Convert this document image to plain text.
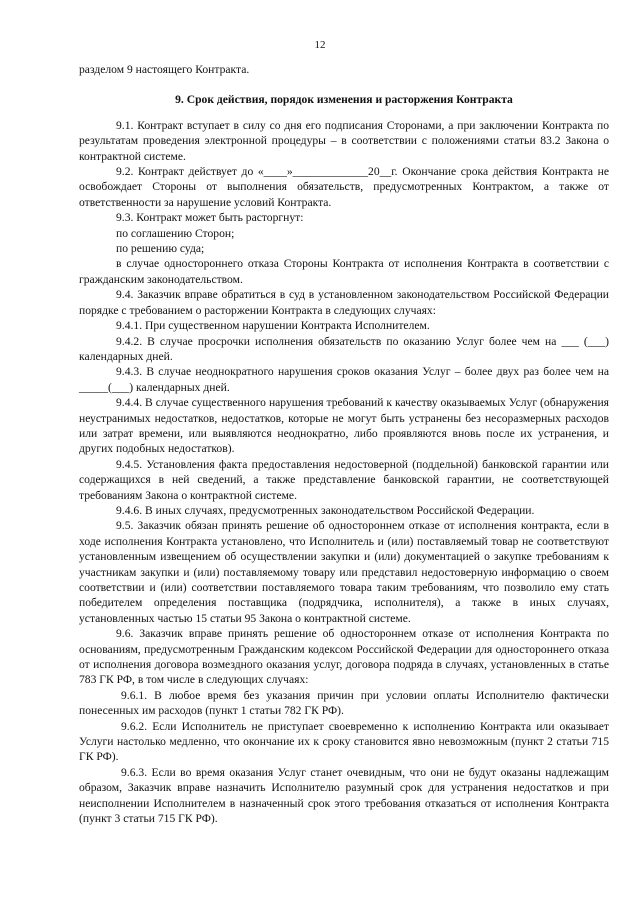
12

разделом 9 настоящего Контракта.

9. Срок действия, порядок изменения и расторжения Контракта

9.1. Контракт вступает в силу со дня его подписания Сторонами, а при заключении Контракта по результатам проведения электронной процедуры – в соответствии с положениями статьи 83.2 Закона о контрактной системе.

9.2. Контракт действует до «____»_____________20__г. Окончание срока действия Контракта не освобождает Стороны от выполнения обязательств, предусмотренных Контрактом, а также от ответственности за нарушение условий Контракта.

9.3. Контракт может быть расторгнут:

по соглашению Сторон;

по решению суда;

в случае одностороннего отказа Стороны Контракта от исполнения Контракта в соответствии с гражданским законодательством.

9.4. Заказчик вправе обратиться в суд в установленном законодательством Российской Федерации порядке с требованием о расторжении Контракта в следующих случаях:

9.4.1. При существенном нарушении Контракта Исполнителем.

9.4.2. В случае просрочки исполнения обязательств по оказанию Услуг более чем на ___ (___) календарных дней.

9.4.3. В случае неоднократного нарушения сроков оказания Услуг – более двух раз более чем на _____(___) календарных дней.

9.4.4. В случае существенного нарушения требований к качеству оказываемых Услуг (обнаружения неустранимых недостатков, недостатков, которые не могут быть устранены без несоразмерных расходов или затрат времени, или выявляются неоднократно, либо проявляются вновь после их устранения, и других подобных недостатков).

9.4.5. Установления факта предоставления недостоверной (поддельной) банковской гарантии или содержащихся в ней сведений, а также представление банковской гарантии, не соответствующей требованиям Закона о контрактной системе.

9.4.6. В иных случаях, предусмотренных законодательством Российской Федерации.

9.5. Заказчик обязан принять решение об одностороннем отказе от исполнения контракта, если в ходе исполнения Контракта установлено, что Исполнитель и (или) поставляемый товар не соответствуют установленным извещением об осуществлении закупки и (или) документацией о закупке требованиям к участникам закупки и (или) поставляемому товару или представил недостоверную информацию о своем соответствии и (или) соответствии поставляемого товара таким требованиям, что позволило ему стать победителем определения поставщика (подрядчика, исполнителя), а также в иных случаях, установленных частью 15 статьи 95 Закона о контрактной системе.

9.6. Заказчик вправе принять решение об одностороннем отказе от исполнения Контракта по основаниям, предусмотренным Гражданским кодексом Российской Федерации для одностороннего отказа от исполнения договора возмездного оказания услуг, договора подряда в случаях, установленных в статье 783 ГК РФ, в том числе в следующих случаях:

9.6.1. В любое время без указания причин при условии оплаты Исполнителю фактически понесенных им расходов (пункт 1 статьи 782 ГК РФ).

9.6.2. Если Исполнитель не приступает своевременно к исполнению Контракта или оказывает Услуги настолько медленно, что окончание их к сроку становится явно невозможным (пункт 2 статьи 715 ГК РФ).

9.6.3. Если во время оказания Услуг станет очевидным, что они не будут оказаны надлежащим образом, Заказчик вправе назначить Исполнителю разумный срок для устранения недостатков и при неисполнении Исполнителем в назначенный срок этого требования отказаться от исполнения Контракта (пункт 3 статьи 715 ГК РФ).
